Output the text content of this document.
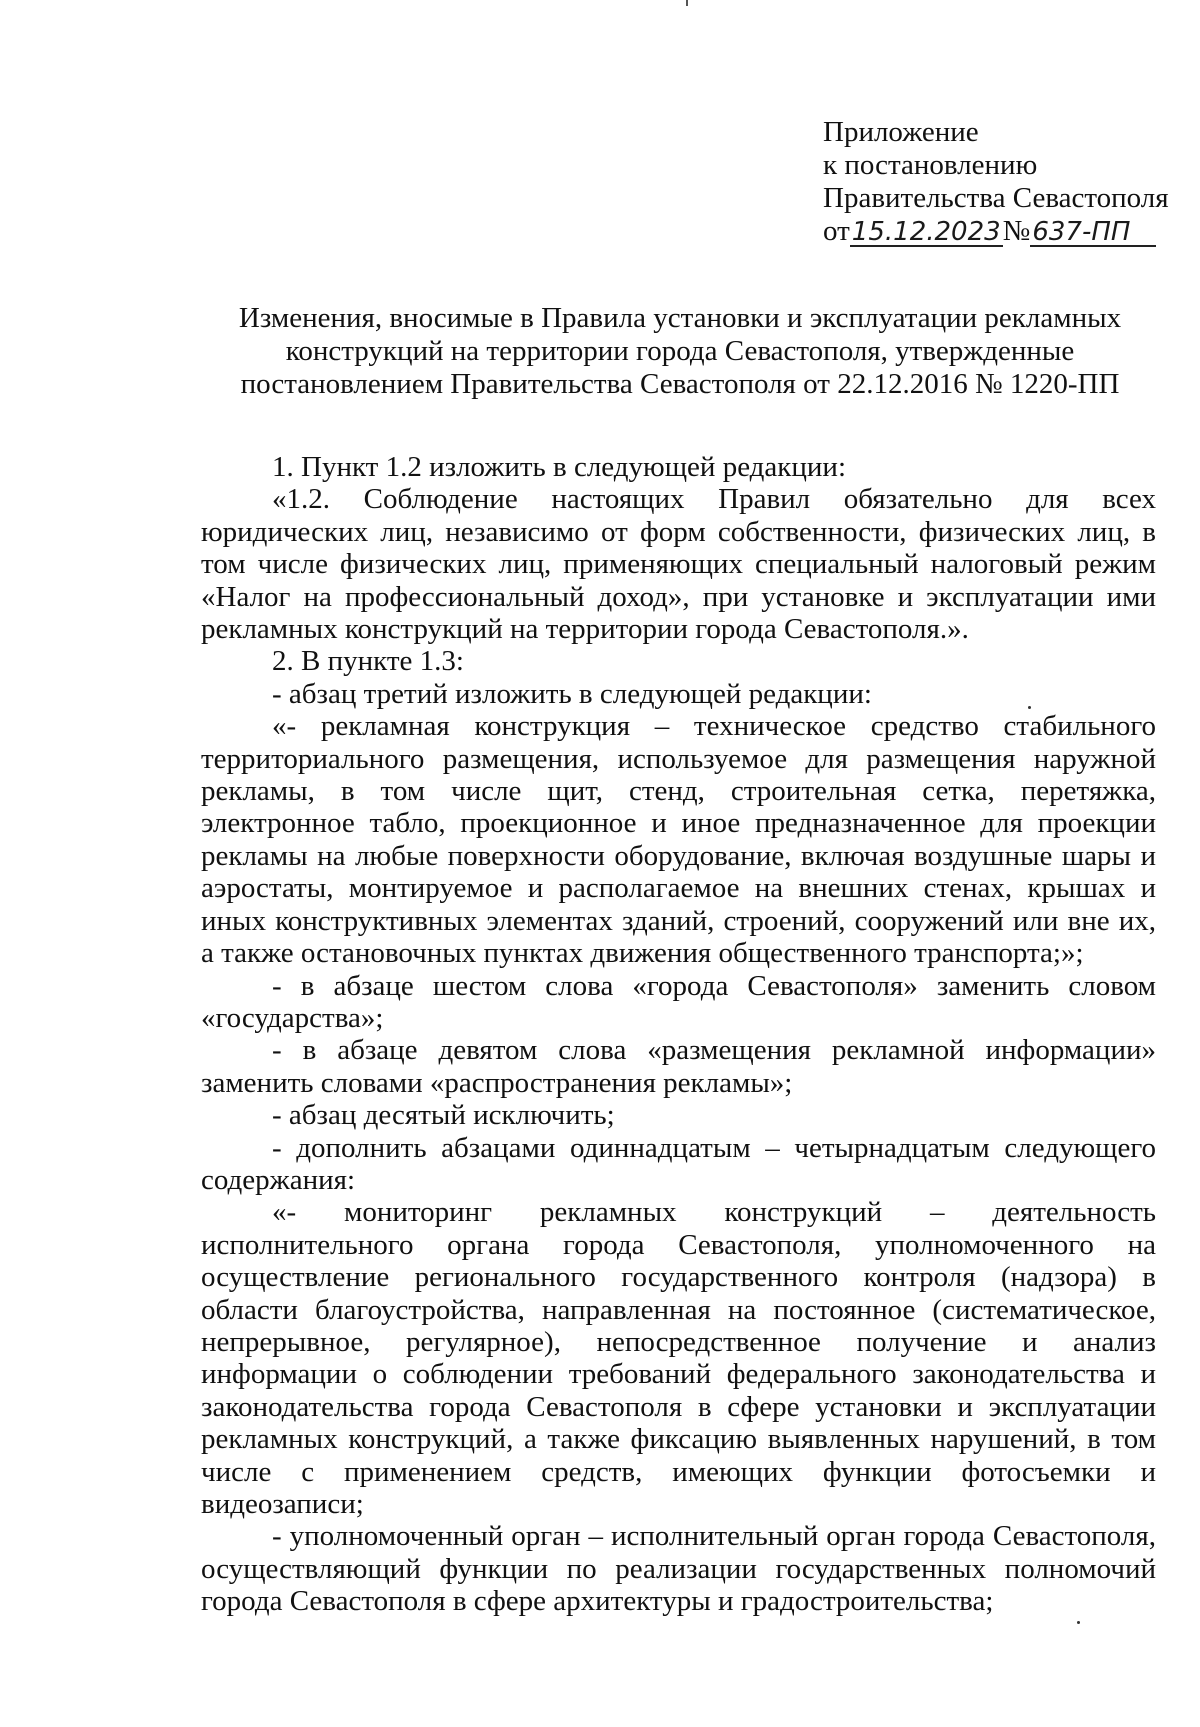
Приложение
к постановлению
Правительства Севастополя
от15.12.2023№637-ПП
Изменения, вносимые в Правила установки и эксплуатации рекламных
конструкций на территории города Севастополя, утвержденные
постановлением Правительства Севастополя от 22.12.2016 № 1220-ПП

1. Пункт 1.2 изложить в следующей редакции:

«1.2. Соблюдение настоящих Правил обязательно для всех юридических лиц, независимо от форм собственности, физических лиц, в том числе физических лиц, применяющих специальный налоговый режим «Налог на профессиональный доход», при установке и эксплуатации ими рекламных конструкций на территории города Севастополя.».

2. В пункте 1.3:

- абзац третий изложить в следующей редакции:

«- рекламная конструкция – техническое средство стабильного территориального размещения, используемое для размещения наружной рекламы, в том числе щит, стенд, строительная сетка, перетяжка, электронное табло, проекционное и иное предназначенное для проекции рекламы на любые поверхности оборудование, включая воздушные шары и аэростаты, монтируемое и располагаемое на внешних стенах, крышах и иных конструктивных элементах зданий, строений, сооружений или вне их, а также остановочных пунктах движения общественного транспорта;»;

- в абзаце шестом слова «города Севастополя» заменить словом «государства»;

- в абзаце девятом слова «размещения рекламной информации» заменить словами «распространения рекламы»;

- абзац десятый исключить;

- дополнить абзацами одиннадцатым – четырнадцатым следующего содержания:

«- мониторинг рекламных конструкций – деятельность исполнительного органа города Севастополя, уполномоченного на осуществление регионального государственного контроля (надзора) в области благоустройства, направленная на постоянное (систематическое, непрерывное, регулярное), непосредственное получение и анализ информации о соблюдении требований федерального законодательства и законодательства города Севастополя в сфере установки и эксплуатации рекламных конструкций, а также фиксацию выявленных нарушений, в том числе с применением средств, имеющих функции фотосъемки и видеозаписи;

- уполномоченный орган – исполнительный орган города Севастополя, осуществляющий функции по реализации государственных полномочий города Севастополя в сфере архитектуры и градостроительства;
